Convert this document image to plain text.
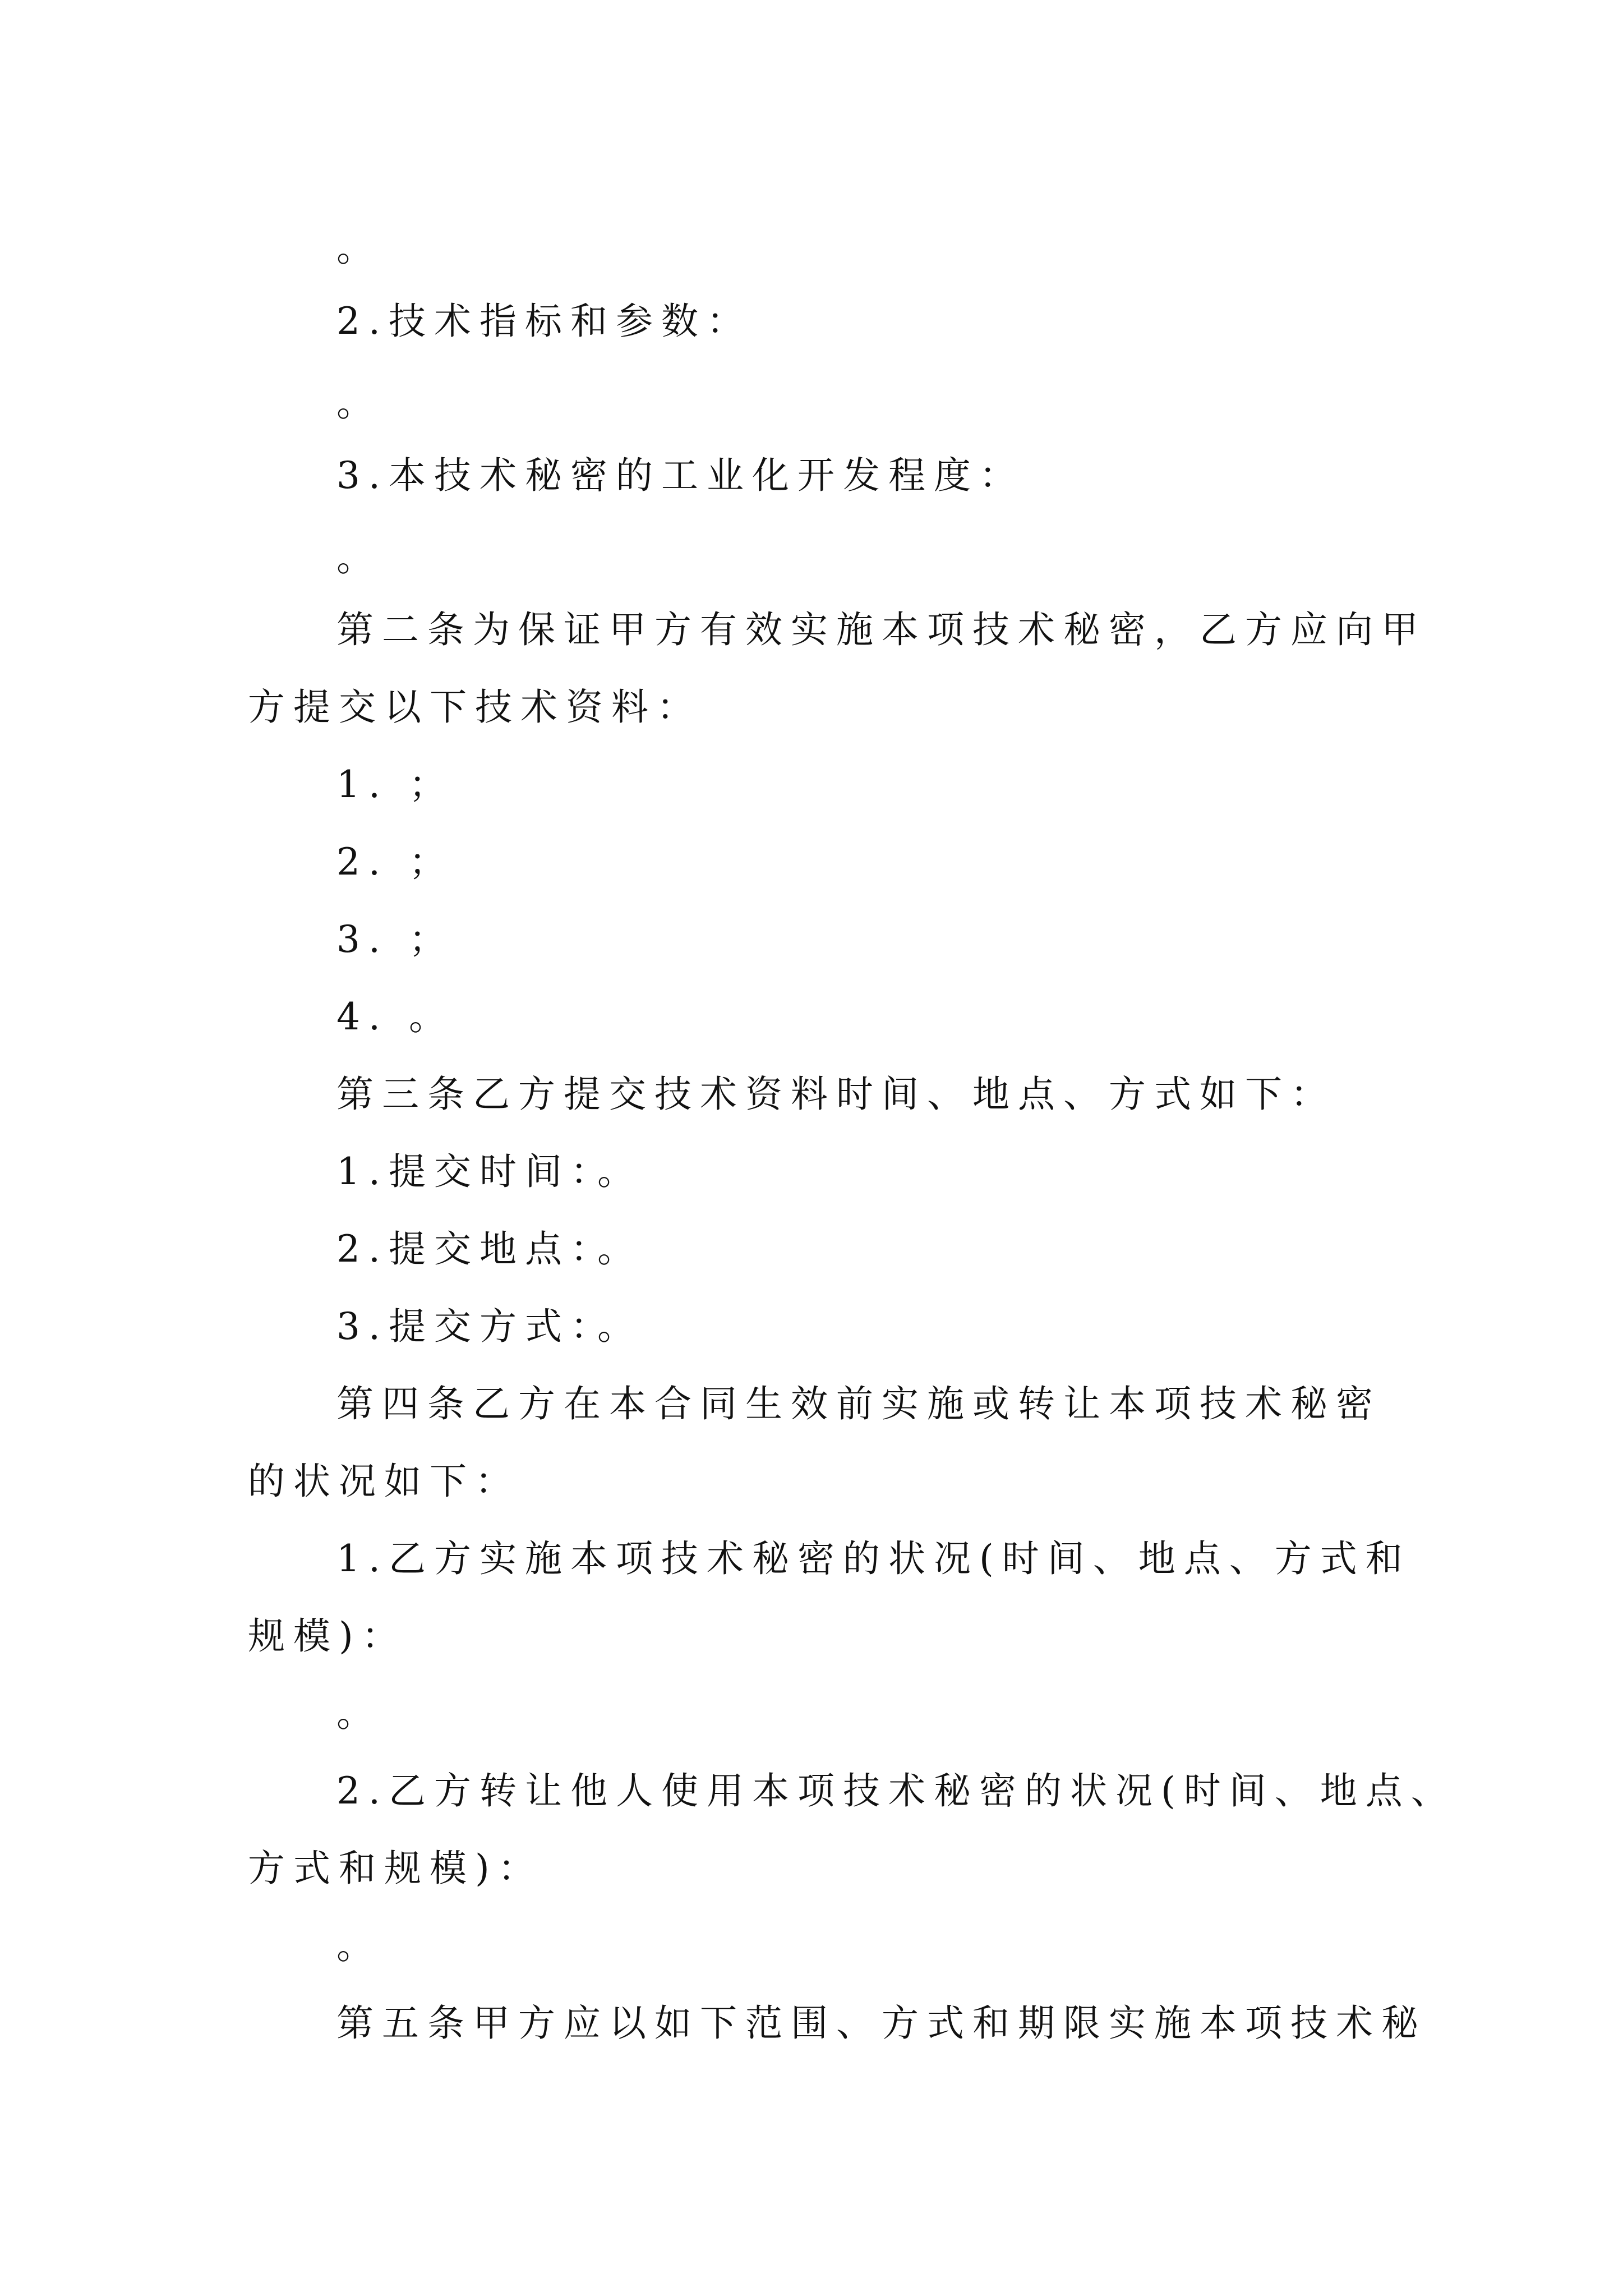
。
2.技术指标和参数：
。
3.本技术秘密的工业化开发程度：
。
第二条为保证甲方有效实施本项技术秘密，乙方应向甲
方提交以下技术资料：
1. ；
2. ；
3. ；
4. 。
第三条乙方提交技术资料时间、地点、方式如下：
1.提交时间：。
2.提交地点：。
3.提交方式：。
第四条乙方在本合同生效前实施或转让本项技术秘密
的状况如下：
1.乙方实施本项技术秘密的状况(时间、地点、方式和
规模)：
。
2.乙方转让他人使用本项技术秘密的状况(时间、地点、
方式和规模)：
。
第五条甲方应以如下范围、方式和期限实施本项技术秘
